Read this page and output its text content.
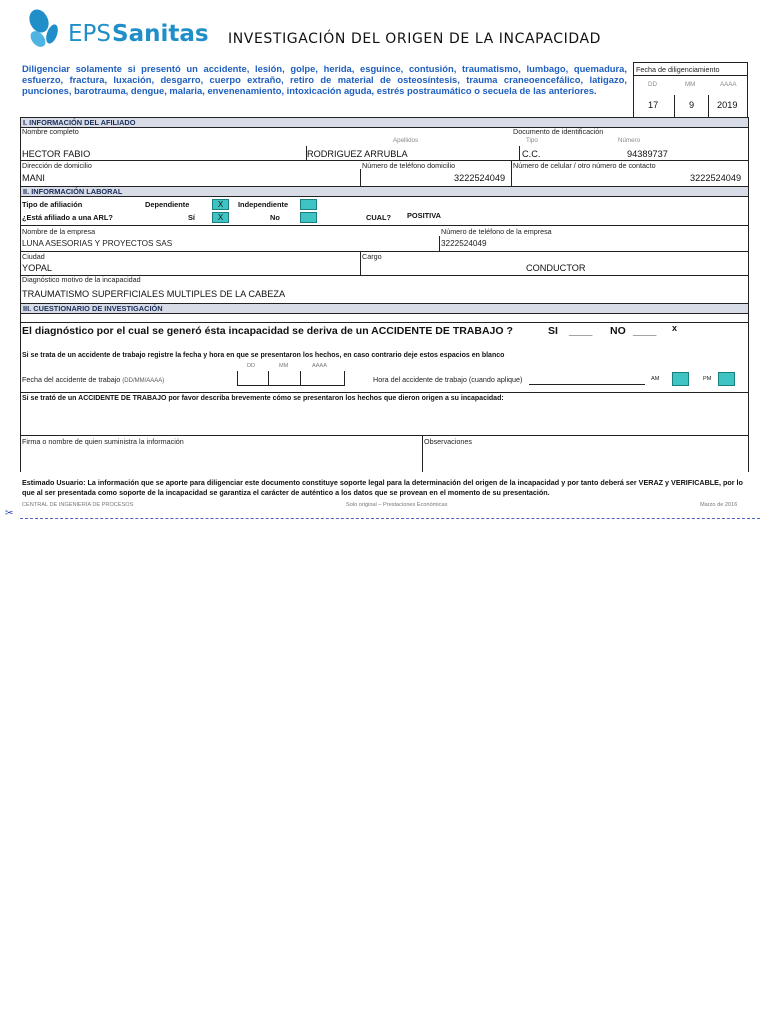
EPS Sanitas INVESTIGACIÓN DEL ORIGEN DE LA INCAPACIDAD
Diligenciar solamente si presentó un accidente, lesión, golpe, herida, esguince, contusión, traumatismo, lumbago, quemadura, esfuerzo, fractura, luxación, desgarro, cuerpo extraño, retiro de material de osteosíntesis, trauma craneoencefálico, latigazo, punciones, barotrauma, dengue, malaria, envenenamiento, intoxicación aguda, estrés postraumático o secuela de las anteriores.
Fecha de diligenciamiento
DD	MM	AAAA
17	9 2019
I. INFORMACIÓN DEL AFILIADO
Nombre completo
Apellidos
Documento de identificación
Tipo	Número
HECTOR FABIO	RODRIGUEZ ARRUBLA	C.C.	94389737
Dirección de domicilio	Número de teléfono domicilio	Número de celular / otro número de contacto
MANI	3222524049	3222524049
II. INFORMACIÓN LABORAL
Tipo de afiliación	Dependiente	X	Independiente
¿Está afiliado a una ARL?	Sí	X	No	CUAL? POSITIVA
Nombre de la empresa	Número de teléfono de la empresa
LUNA ASESORIAS Y PROYECTOS SAS	3222524049
Ciudad	Cargo
YOPAL	CONDUCTOR
Diagnóstico motivo de la incapacidad
TRAUMATISMO SUPERFICIALES MULTIPLES DE LA CABEZA
III. CUESTIONARIO DE INVESTIGACIÓN
El diagnóstico por el cual se generó ésta incapacidad se deriva de un ACCIDENTE DE TRABAJO ?	SI ____ NO ____ x
Si se trata de un accidente de trabajo registre la fecha y hora en que se presentaron los hechos, en caso contrario deje estos espacios en blanco
DD	MM	AAAA
Fecha del accidente de trabajo (DD/MM/AAAA)	Hora del accidente de trabajo (cuando aplique)	AM	PM
Si se trató de un ACCIDENTE DE TRABAJO por favor describa brevemente cómo se presentaron los hechos que dieron origen a su incapacidad:
Firma o nombre de quien suministra la información	Observaciones
Estimado Usuario: La información que se aporte para diligenciar este documento constituye soporte legal para la determinación del origen de la incapacidad y por tanto deberá ser VERAZ y VERIFICABLE, por lo que al ser presentada como soporte de la incapacidad se garantiza el carácter de auténtico a los datos que se provean en el momento de su presentación.
CENTRAL DE INGENIERÍA DE PROCESOS	Solo original – Prestaciones Económicas	Marzo de 2016
✂
